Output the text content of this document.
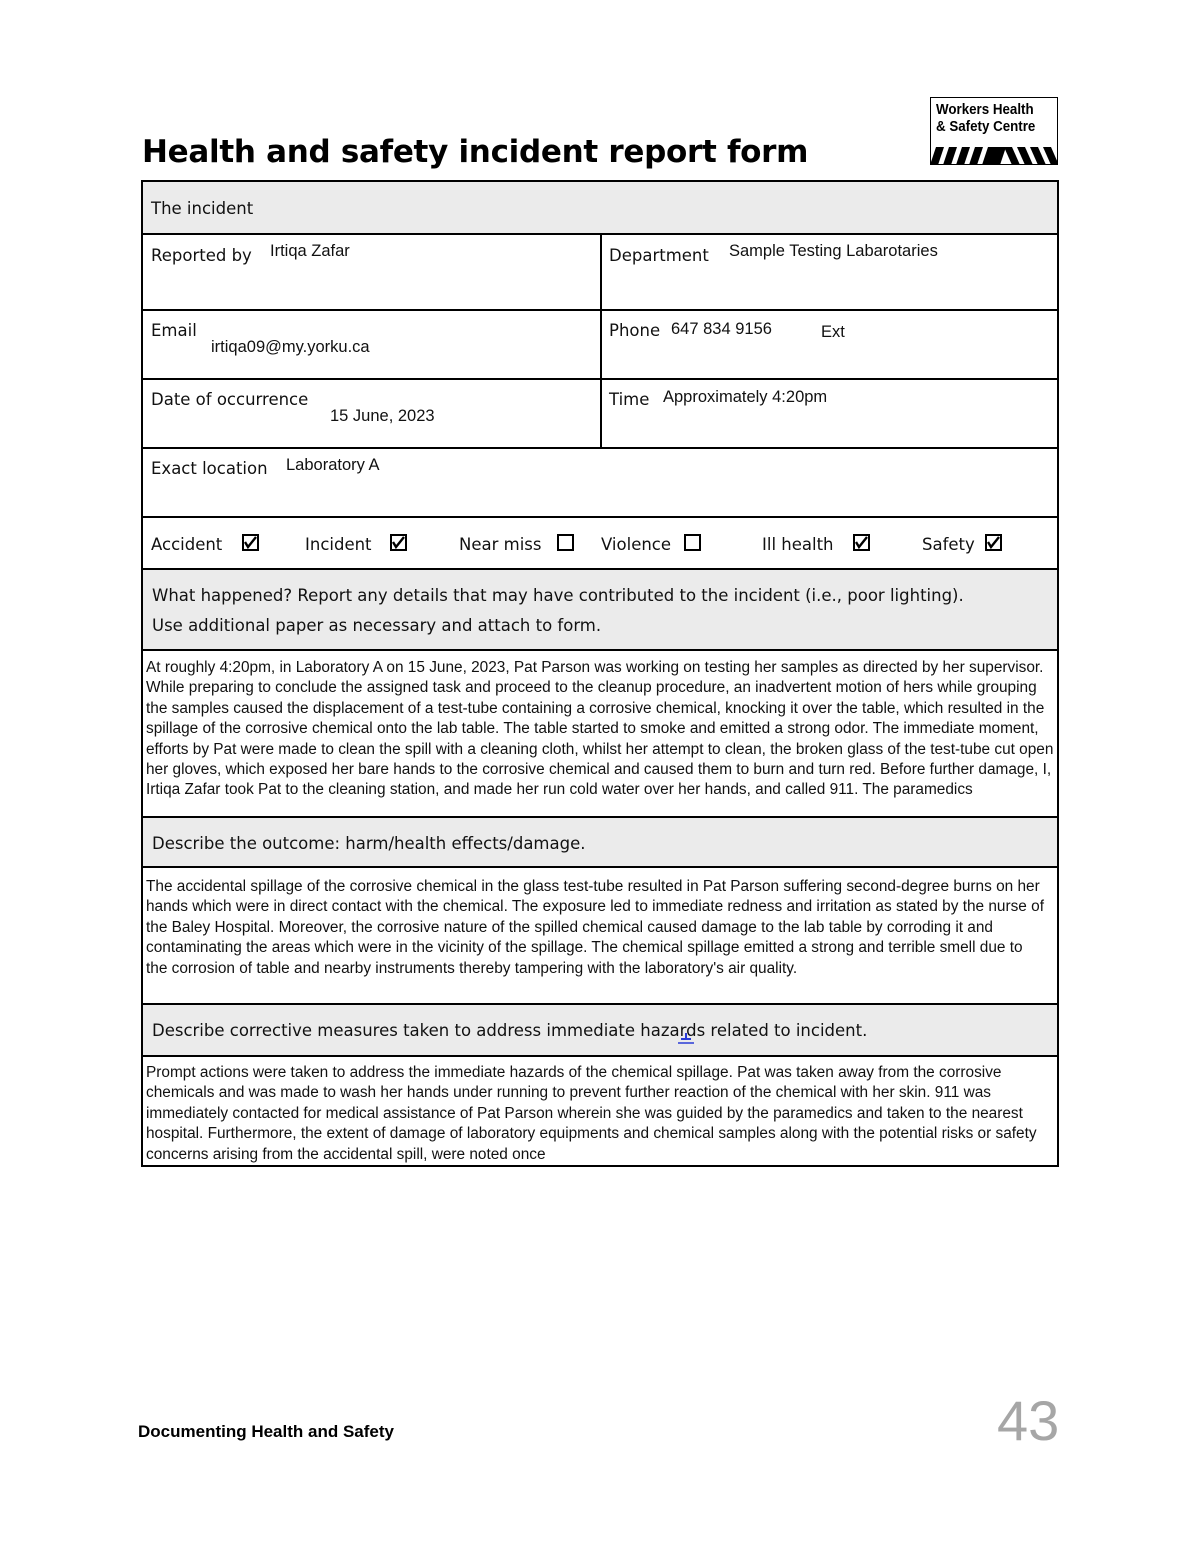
Health and safety incident report form
Workers Health
& Safety Centre
The incident
Reported by Irtiqa Zafar	Department Sample Testing Labarotaries
Email
irtiqa09@my.yorku.ca
Phone 647 834 9156	Ext
Date of occurrence
15 June, 2023
Time Approximately 4:20pm
Exact location Laboratory A
Accident	Incident	Near miss	Violence	Ill health	Safety
What happened? Report any details that may have contributed to the incident (i.e., poor lighting).
Use additional paper as necessary and attach to form.
At roughly 4:20pm, in Laboratory A on 15 June, 2023, Pat Parson was working on testing her samples as directed by her supervisor. While preparing to conclude the assigned task and proceed to the cleanup procedure, an inadvertent motion of hers while grouping the samples caused the displacement of a test-tube containing a corrosive chemical, knocking it over the table, which resulted in the spillage of the corrosive chemical onto the lab table. The table started to smoke and emitted a strong odor. The immediate moment, efforts by Pat were made to clean the spill with a cleaning cloth, whilst her attempt to clean, the broken glass of the test-tube cut open her gloves, which exposed her bare hands to the corrosive chemical and caused them to burn and turn red. Before further damage, I, Irtiqa Zafar took Pat to the cleaning station, and made her run cold water over her hands, and called 911. The paramedics
Describe the outcome: harm/health effects/damage.
The accidental spillage of the corrosive chemical in the glass test-tube resulted in Pat Parson suffering second-degree burns on her hands which were in direct contact with the chemical. The exposure led to immediate redness and irritation as stated by the nurse of the Baley Hospital. Moreover, the corrosive nature of the spilled chemical caused damage to the lab table by corroding it and contaminating the areas which were in the vicinity of the spillage. The chemical spillage emitted a strong and terrible smell due to the corrosion of table and nearby instruments thereby tampering with the laboratory's air quality.
Describe corrective measures taken to address immediate hazards related to incident.
Prompt actions were taken to address the immediate hazards of the chemical spillage. Pat was taken away from the corrosive chemicals and was made to wash her hands under running to prevent further reaction of the chemical with her skin. 911 was immediately contacted for medical assistance of Pat Parson wherein she was guided by the paramedics and taken to the nearest hospital. Furthermore, the extent of damage of laboratory equipments and chemical samples along with the potential risks or safety concerns arising from the accidental spill, were noted once
Documenting Health and Safety	43
